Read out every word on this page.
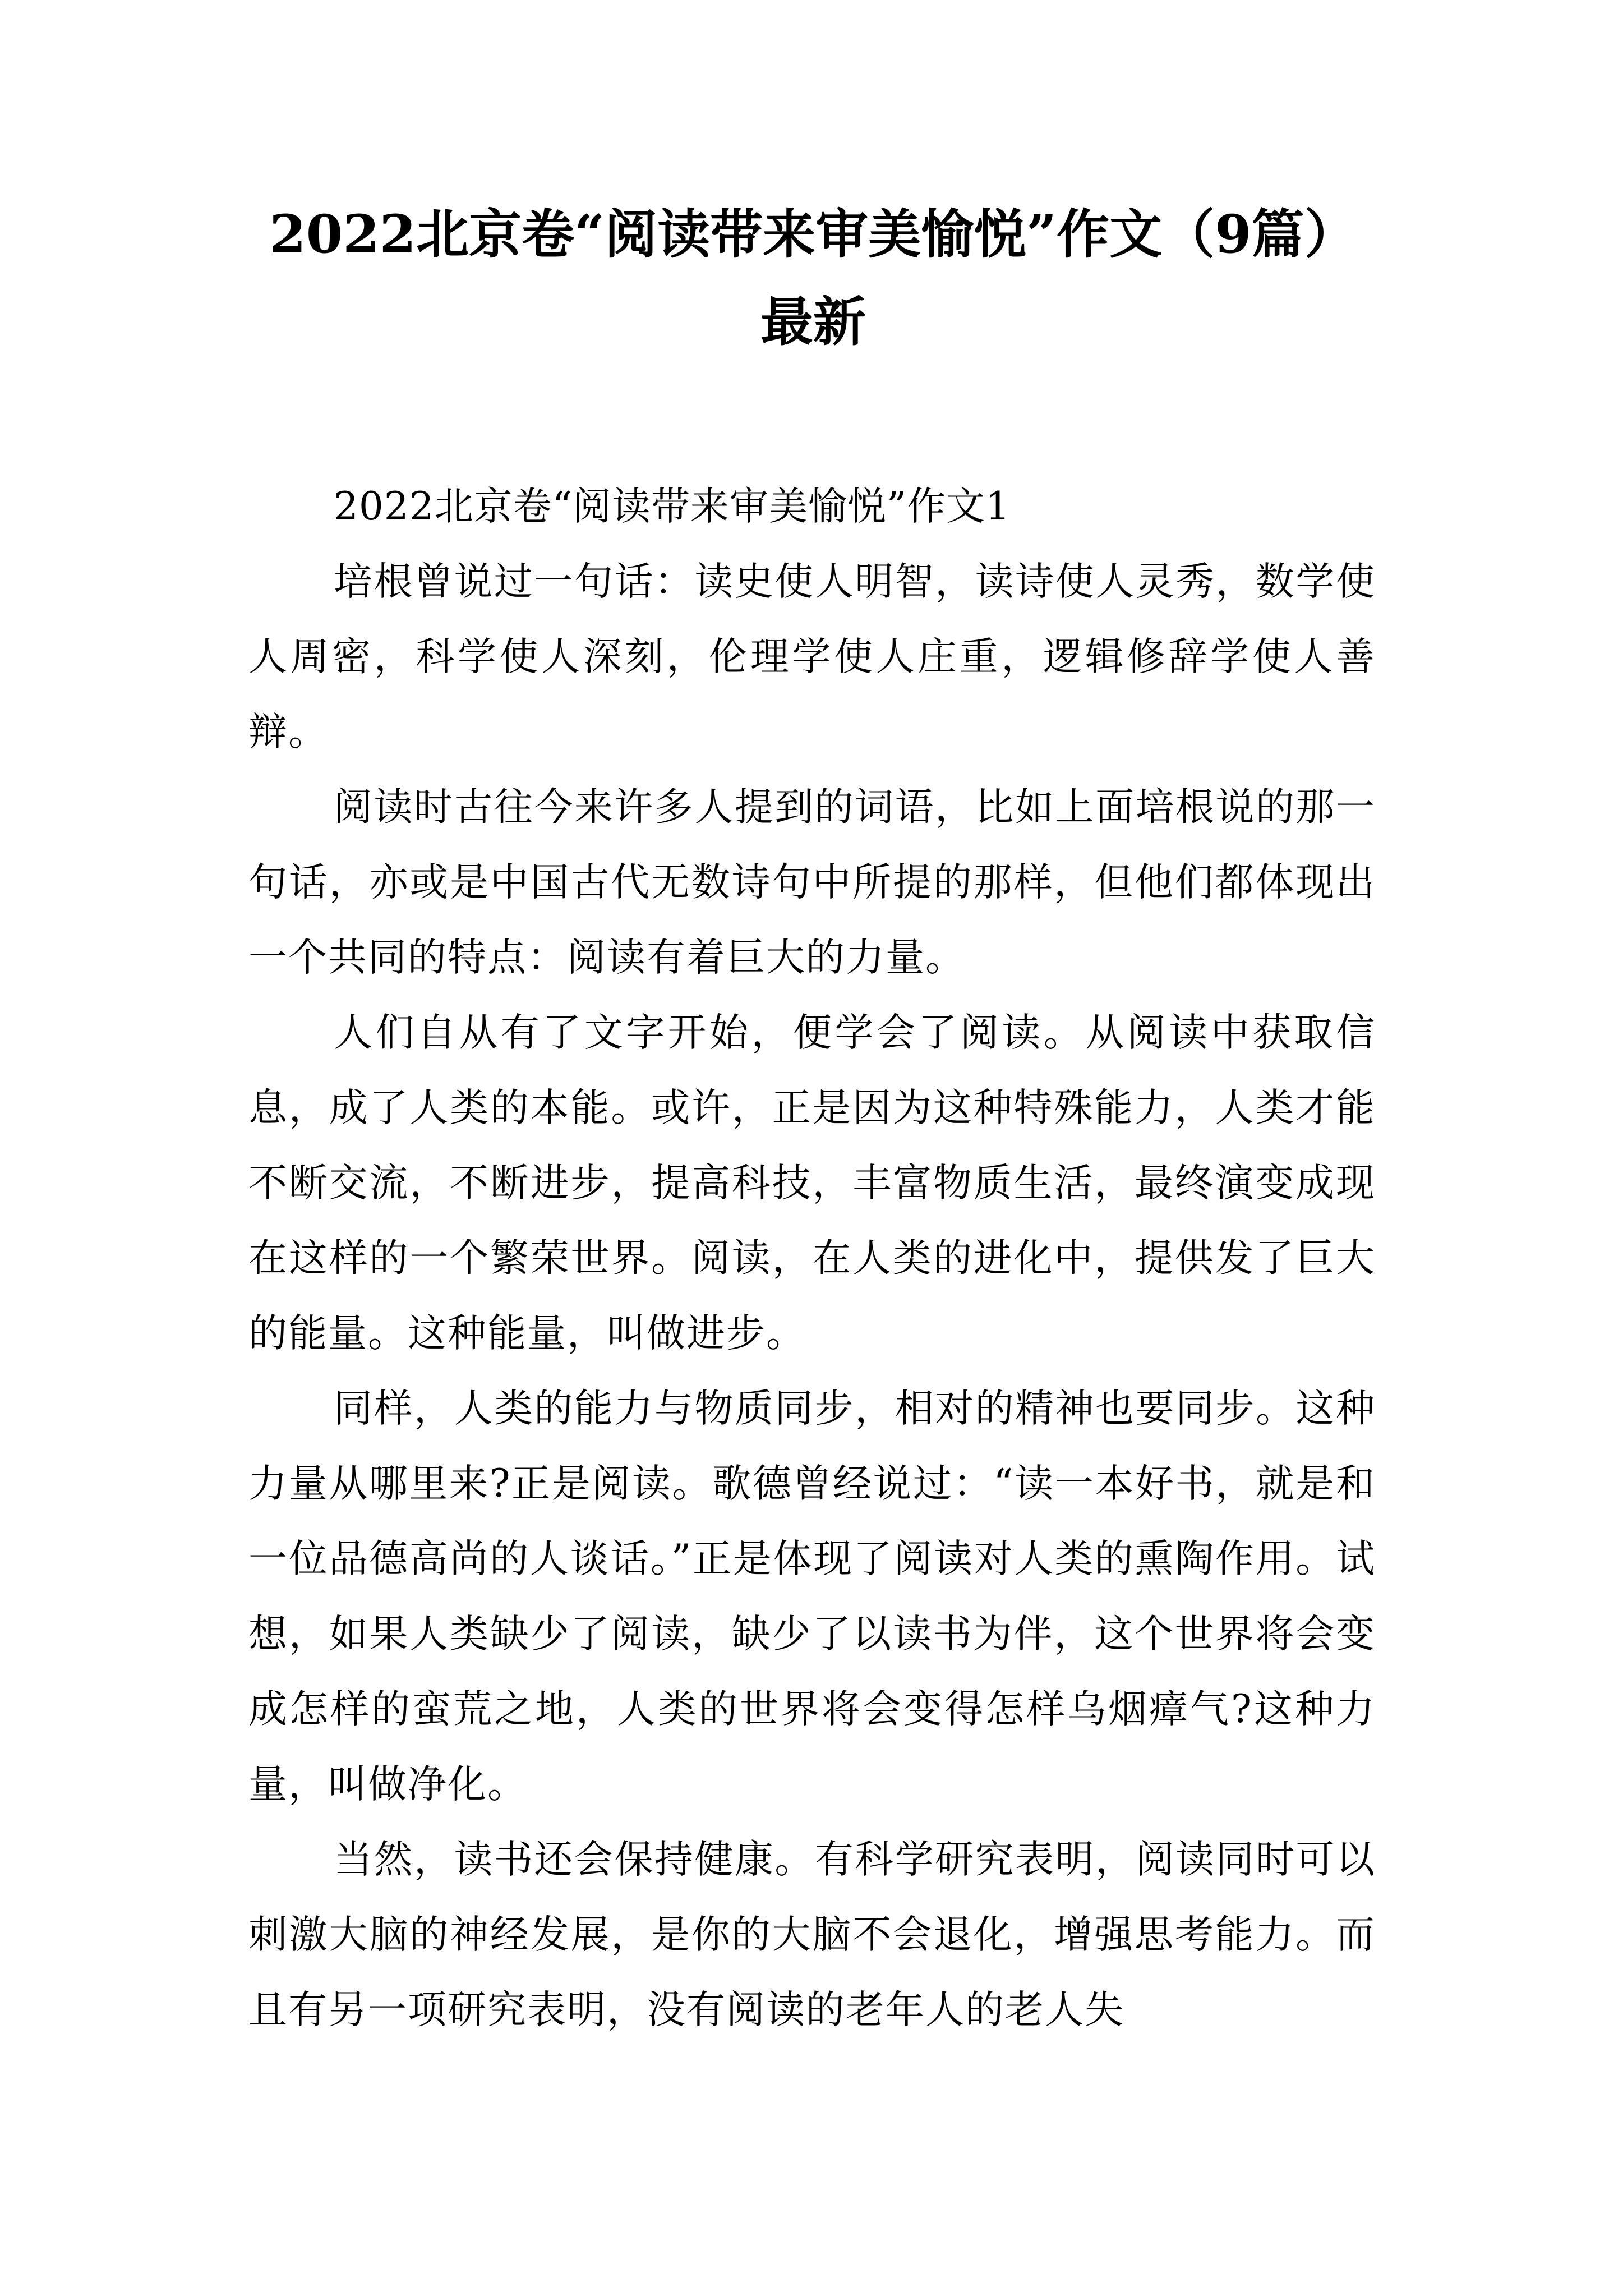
2022北京卷“阅读带来审美愉悦”作文（9篇）最新

2022北京卷“阅读带来审美愉悦”作文1

培根曾说过一句话：读史使人明智，读诗使人灵秀，数学使人周密，科学使人深刻，伦理学使人庄重，逻辑修辞学使人善辩。

阅读时古往今来许多人提到的词语，比如上面培根说的那一句话，亦或是中国古代无数诗句中所提的那样，但他们都体现出一个共同的特点：阅读有着巨大的力量。

人们自从有了文字开始，便学会了阅读。从阅读中获取信息，成了人类的本能。或许，正是因为这种特殊能力，人类才能不断交流，不断进步，提高科技，丰富物质生活，最终演变成现在这样的一个繁荣世界。阅读，在人类的进化中，提供发了巨大的能量。这种能量，叫做进步。

同样，人类的能力与物质同步，相对的精神也要同步。这种力量从哪里来?正是阅读。歌德曾经说过：“读一本好书，就是和一位品德高尚的人谈话。”正是体现了阅读对人类的熏陶作用。试想，如果人类缺少了阅读，缺少了以读书为伴，这个世界将会变成怎样的蛮荒之地，人类的世界将会变得怎样乌烟瘴气?这种力量，叫做净化。

当然，读书还会保持健康。有科学研究表明，阅读同时可以刺激大脑的神经发展，是你的大脑不会退化，增强思考能力。而且有另一项研究表明，没有阅读的老年人的老人失
